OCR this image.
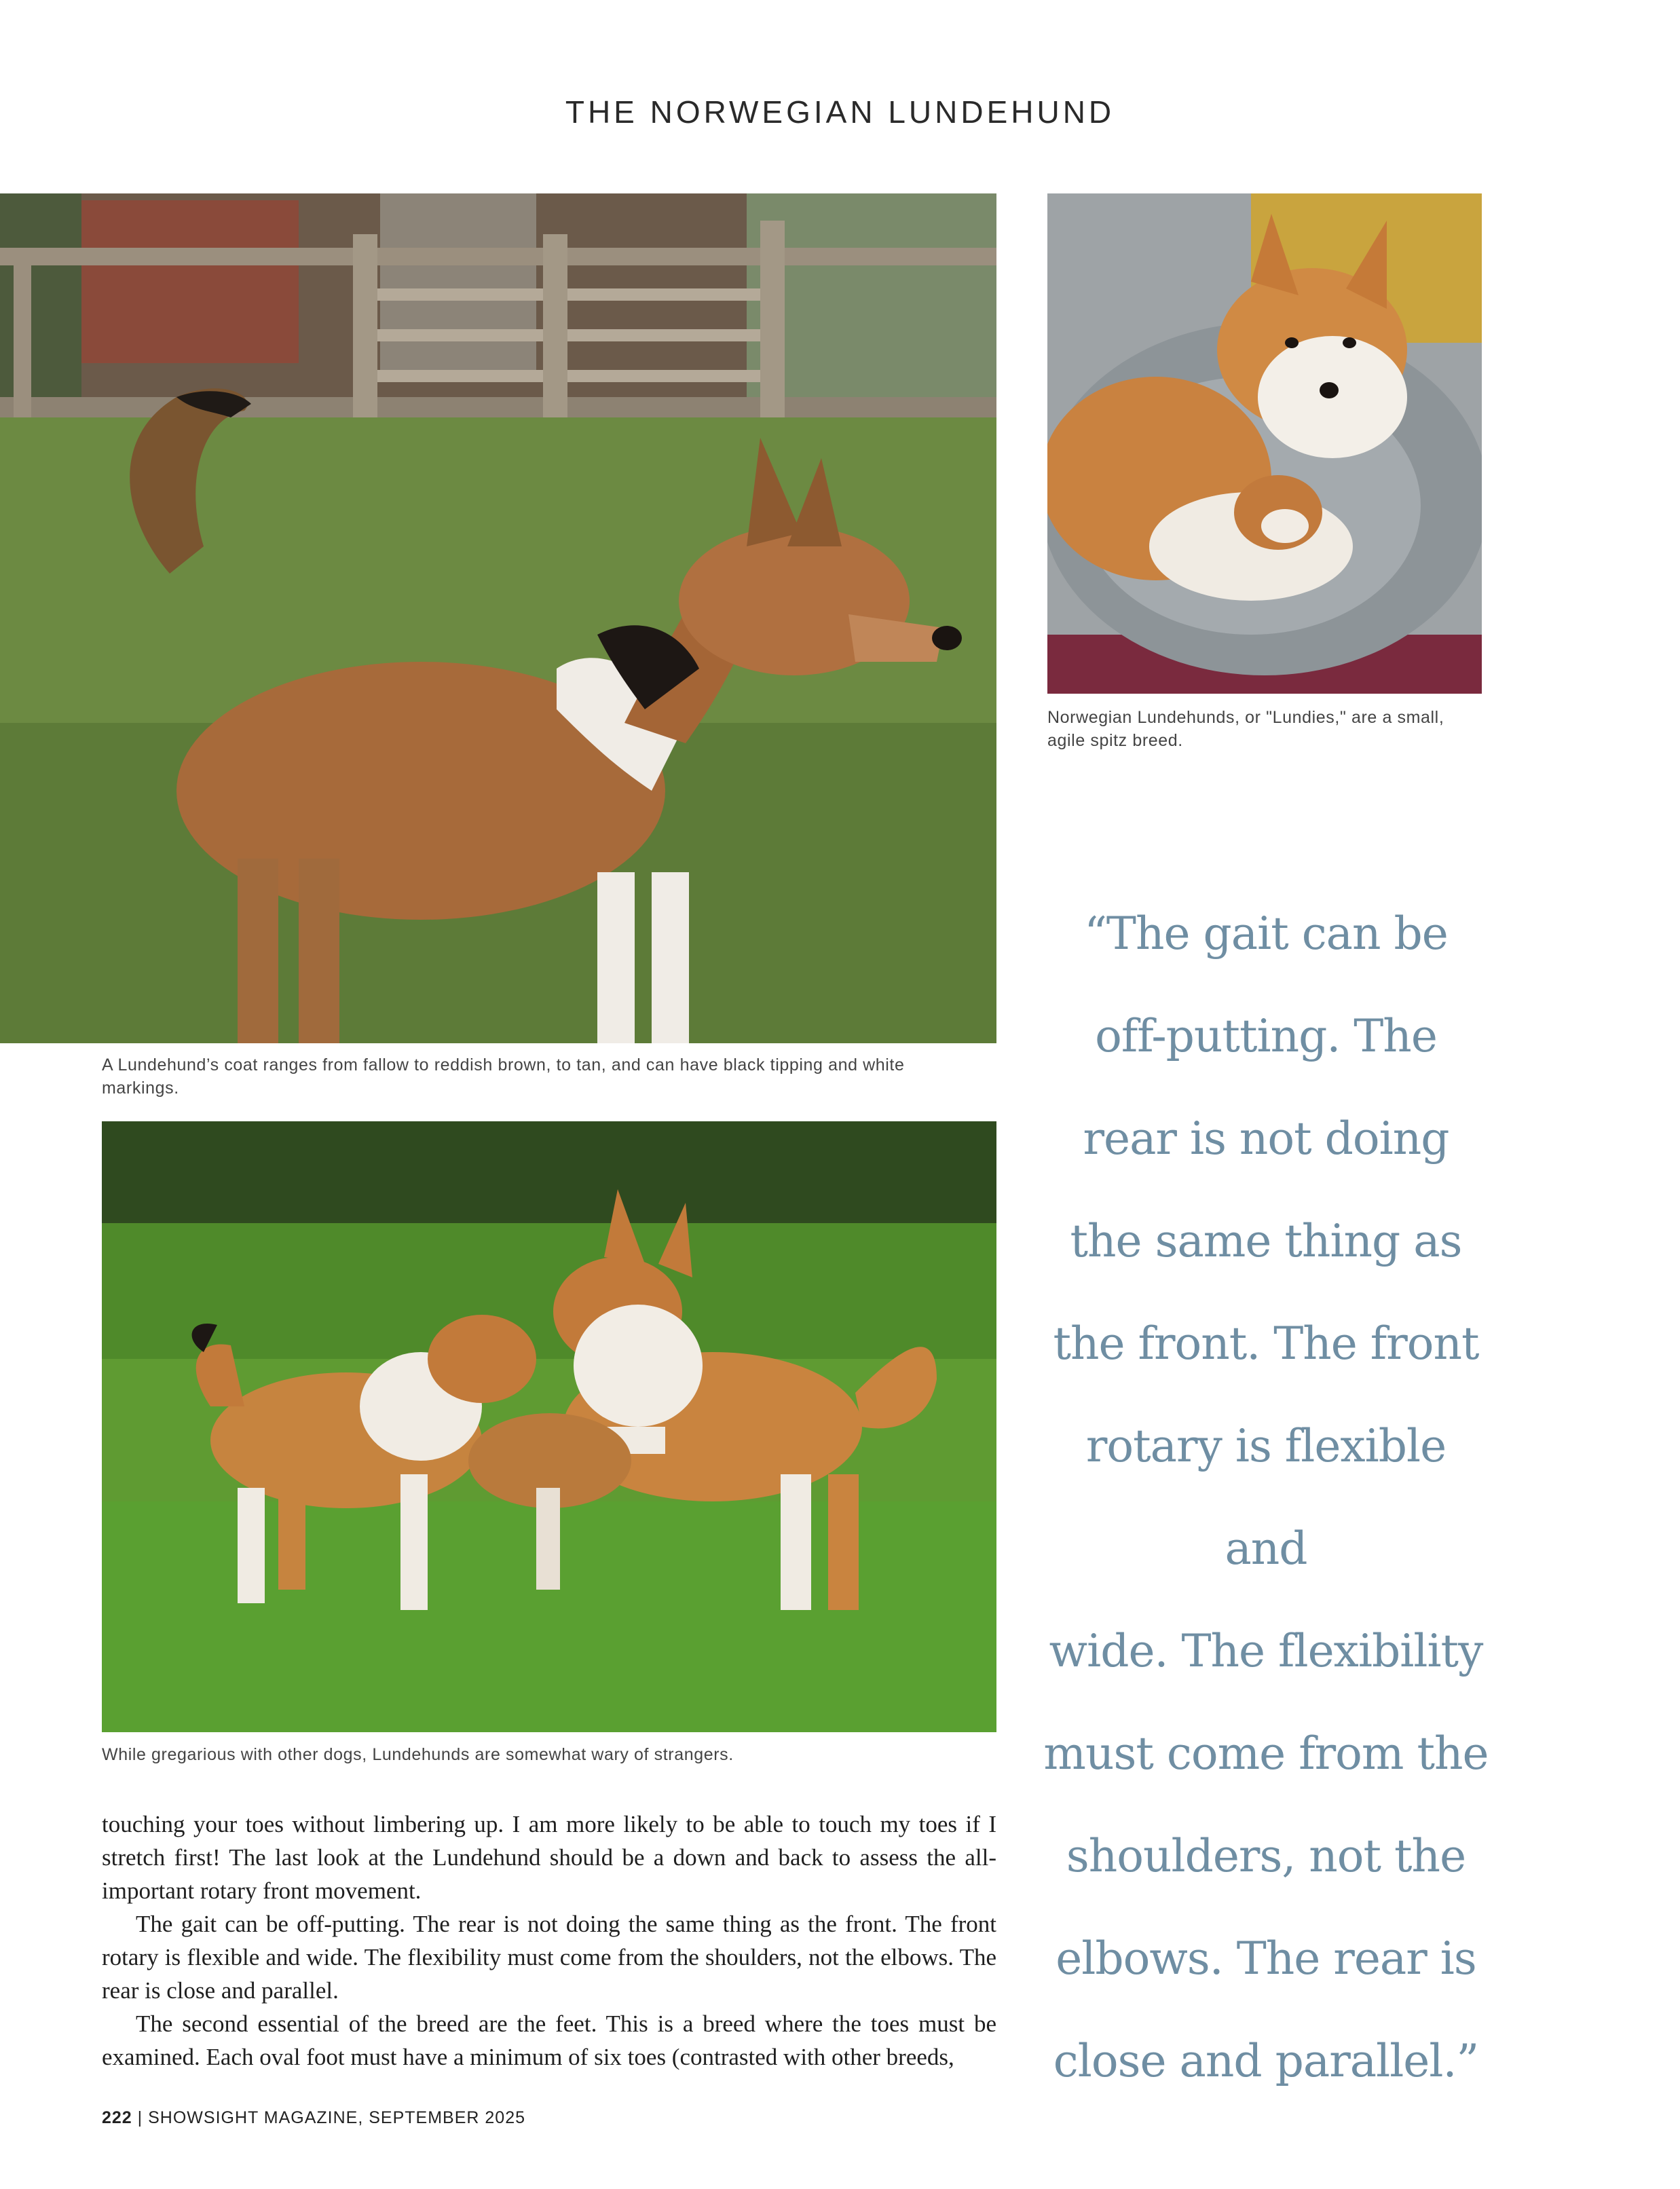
THE NORWEGIAN LUNDEHUND
Norwegian Lundehunds, or "Lundies," are a small, agile spitz breed.
A Lundehund’s coat ranges from fallow to reddish brown, to tan, and can have black tipping and white markings.
While gregarious with other dogs, Lundehunds are somewhat wary of strangers.
“The gait can be
off-putting. The
rear is not doing
the same thing as
the front. The front
rotary is flexible and
wide. The flexibility
must come from the
shoulders, not the
elbows. The rear is
close and parallel.”

touching your toes without limbering up. I am more likely to be able to touch my toes if I stretch first! The last look at the Lundehund should be a down and back to assess the all-important rotary front movement.

The gait can be off-putting. The rear is not doing the same thing as the front. The front rotary is flexible and wide. The flexibility must come from the shoulders, not the elbows. The rear is close and parallel.

The second essential of the breed are the feet. This is a breed where the toes must be examined. Each oval foot must have a minimum of six toes (contrasted with other breeds,

222 | SHOWSIGHT MAGAZINE, SEPTEMBER 2025
